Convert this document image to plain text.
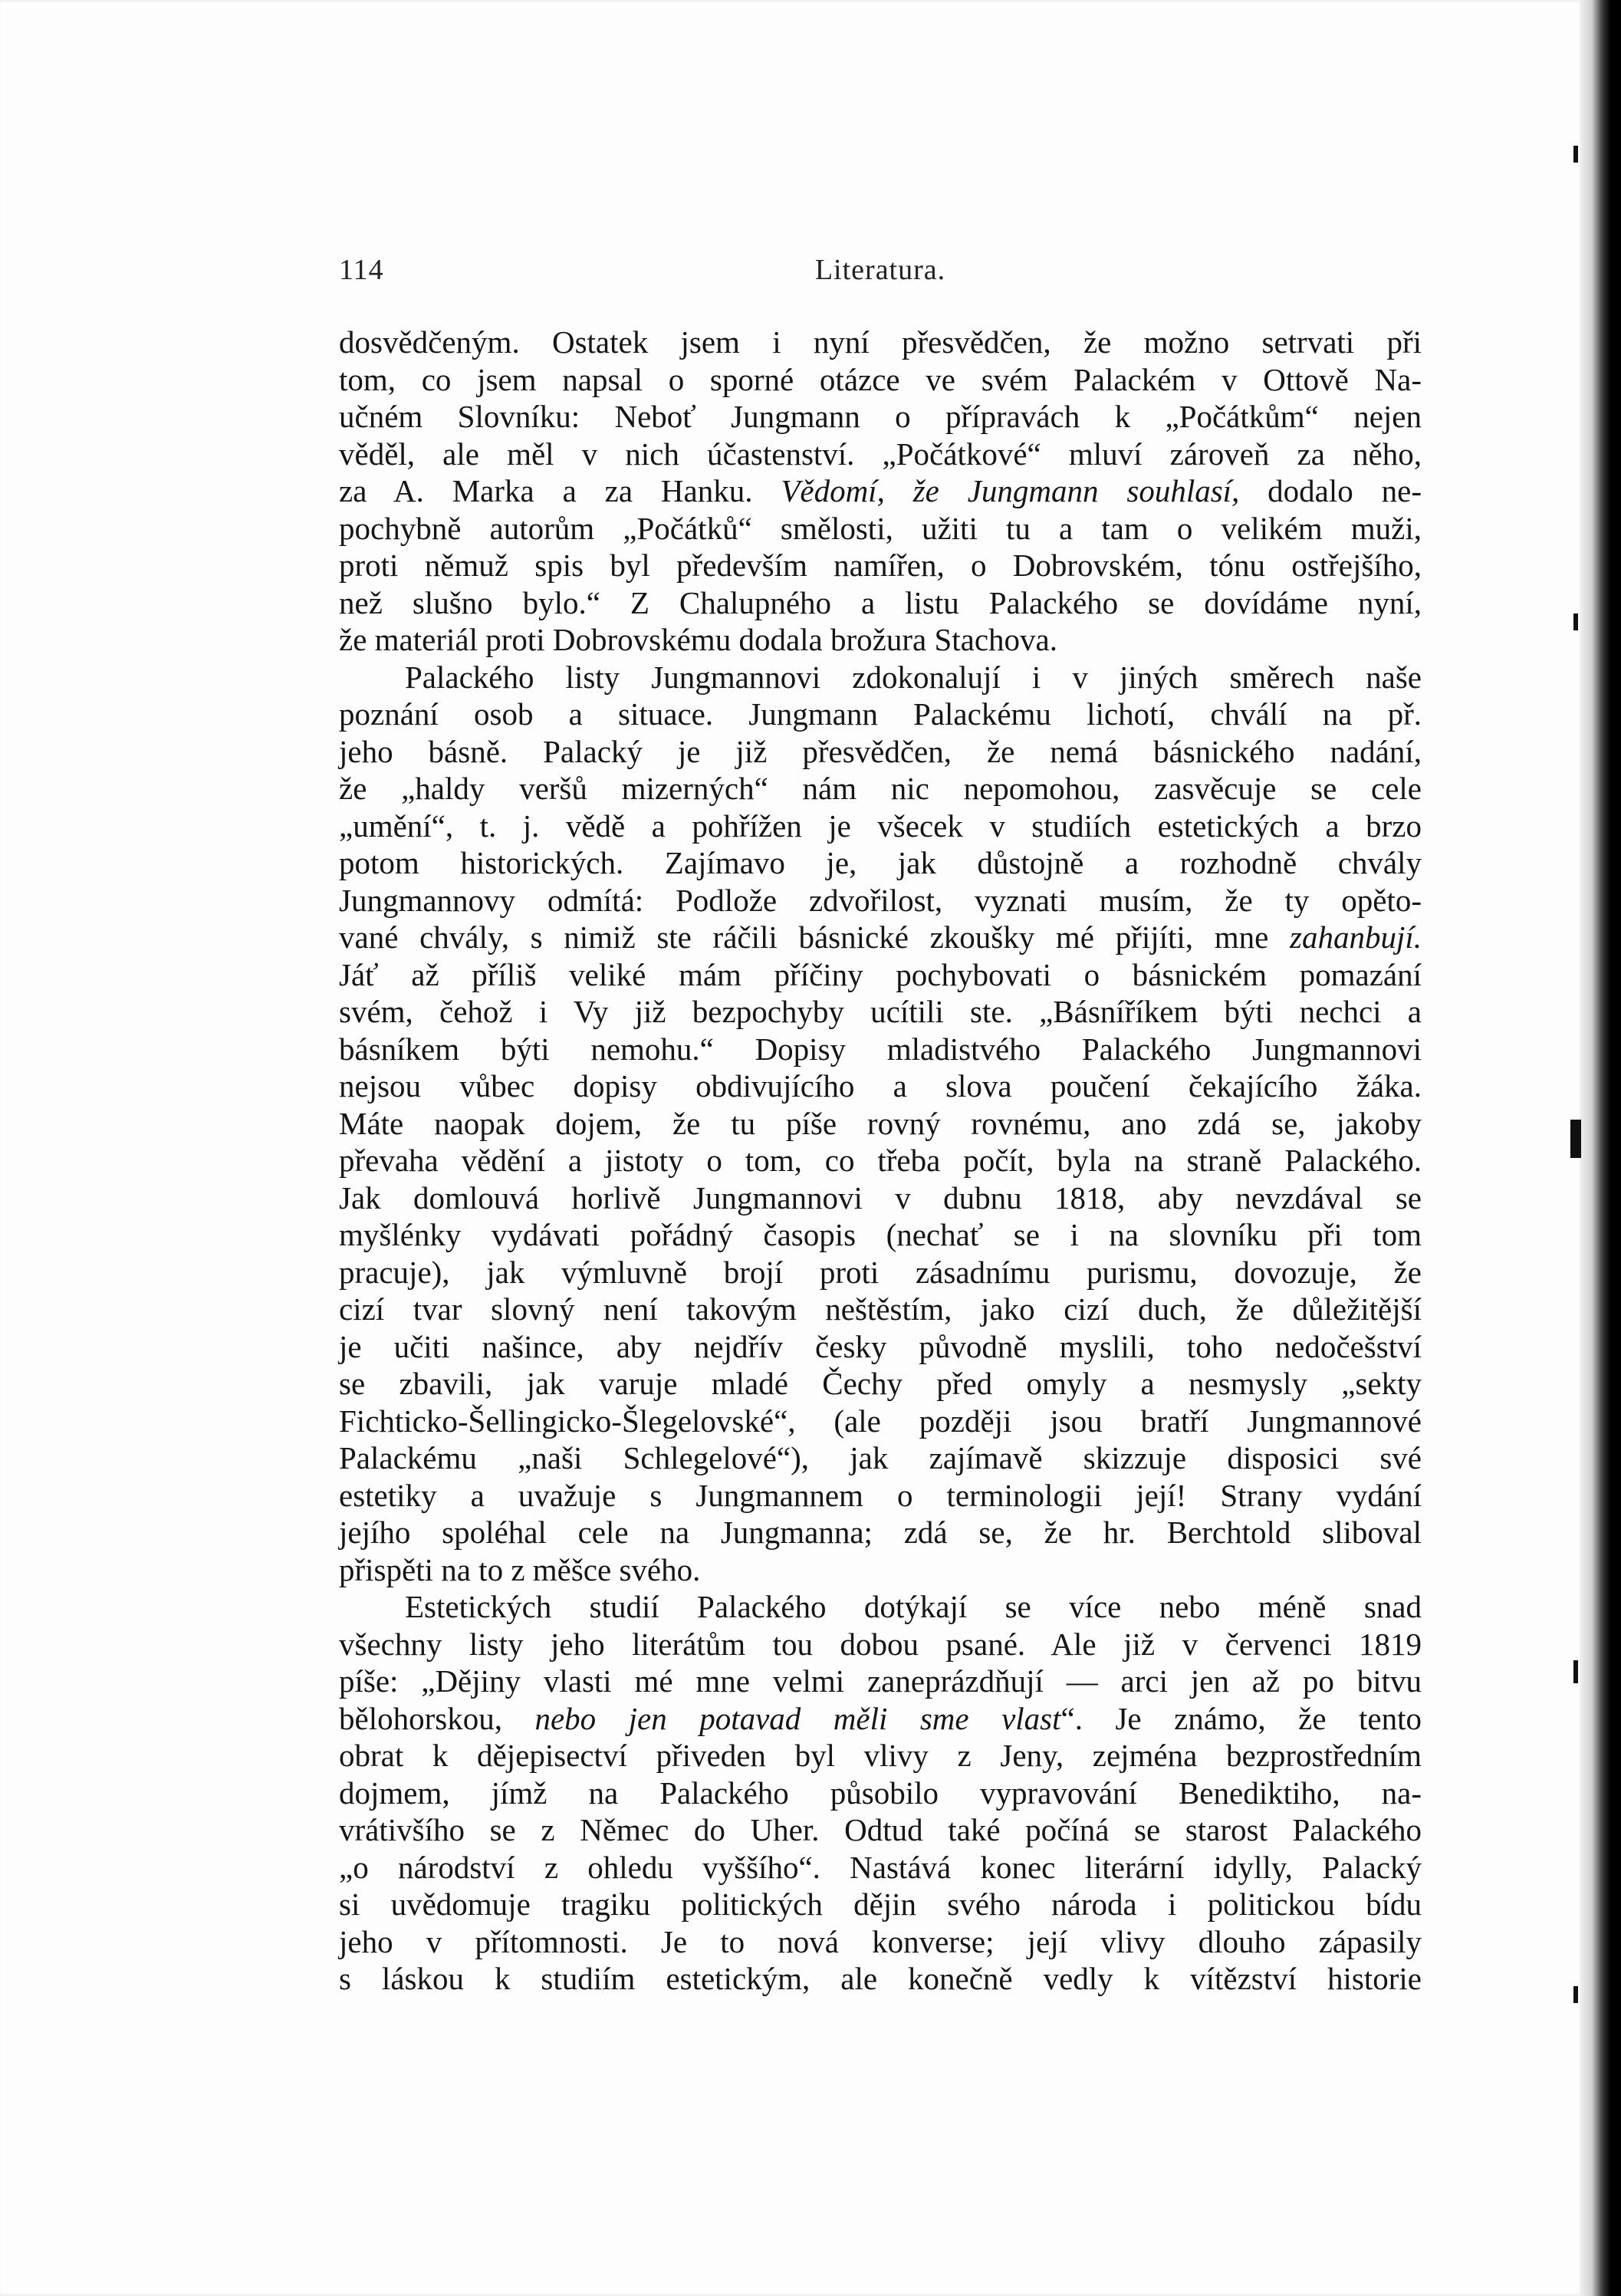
114	Literatura.
dosvědčeným. Ostatek jsem i nyní přesvědčen, že možno setrvati při
tom, co jsem napsal o sporné otázce ve svém Palackém v Ottově Na-
učném Slovníku: Neboť Jungmann o přípravách k „Počátkům“ nejen
věděl, ale měl v nich účastenství. „Počátkové“ mluví zároveň za něho,
za A. Marka a za Hanku. Vědomí, že Jungmann souhlasí, dodalo ne-
pochybně autorům „Počátků“ smělosti, užiti tu a tam o velikém muži,
proti němuž spis byl především namířen, o Dobrovském, tónu ostřejšího,
než slušno bylo.“ Z Chalupného a listu Palackého se dovídáme nyní,
že materiál proti Dobrovskému dodala brožura Stachova.
Palackého listy Jungmannovi zdokonalují i v jiných směrech naše
poznání osob a situace. Jungmann Palackému lichotí, chválí na př.
jeho básně. Palacký je již přesvědčen, že nemá básnického nadání,
že „haldy veršů mizerných“ nám nic nepomohou, zasvěcuje se cele
„umění“, t. j. vědě a pohřížen je všecek v studiích estetických a brzo
potom historických. Zajímavo je, jak důstojně a rozhodně chvály
Jungmannovy odmítá: Podlože zdvořilost, vyznati musím, že ty opěto-
vané chvály, s nimiž ste ráčili básnické zkoušky mé přijíti, mne zahanbují.
Jáť až příliš veliké mám příčiny pochybovati o básnickém pomazání
svém, čehož i Vy již bezpochyby ucítili ste. „Básníříkem býti nechci a
básníkem býti nemohu.“ Dopisy mladistvého Palackého Jungmannovi
nejsou vůbec dopisy obdivujícího a slova poučení čekajícího žáka.
Máte naopak dojem, že tu píše rovný rovnému, ano zdá se, jakoby
převaha vědění a jistoty o tom, co třeba počít, byla na straně Palackého.
Jak domlouvá horlivě Jungmannovi v dubnu 1818, aby nevzdával se
myšlénky vydávati pořádný časopis (nechať se i na slovníku při tom
pracuje), jak výmluvně brojí proti zásadnímu purismu, dovozuje, že
cizí tvar slovný není takovým neštěstím, jako cizí duch, že důležitější
je učiti našince, aby nejdřív česky původně myslili, toho nedočešství
se zbavili, jak varuje mladé Čechy před omyly a nesmysly „sekty
Fichticko-Šellingicko-Šlegelovské“, (ale později jsou bratří Jungmannové
Palackému „naši Schlegelové“), jak zajímavě skizzuje disposici své
estetiky a uvažuje s Jungmannem o terminologii její! Strany vydání
jejího spoléhal cele na Jungmanna; zdá se, že hr. Berchtold sliboval
přispěti na to z měšce svého.
Estetických studií Palackého dotýkají se více nebo méně snad
všechny listy jeho literátům tou dobou psané. Ale již v červenci 1819
píše: „Dějiny vlasti mé mne velmi zaneprázdňují — arci jen až po bitvu
bělohorskou, nebo jen potavad měli sme vlast“. Je známo, že tento
obrat k dějepisectví přiveden byl vlivy z Jeny, zejména bezprostředním
dojmem, jímž na Palackého působilo vypravování Benediktiho, na-
vrátivšího se z Němec do Uher. Odtud také počíná se starost Palackého
„o národství z ohledu vyššího“. Nastává konec literární idylly, Palacký
si uvědomuje tragiku politických dějin svého národa i politickou bídu
jeho v přítomnosti. Je to nová konverse; její vlivy dlouho zápasily
s láskou k studiím estetickým, ale konečně vedly k vítězství historie
